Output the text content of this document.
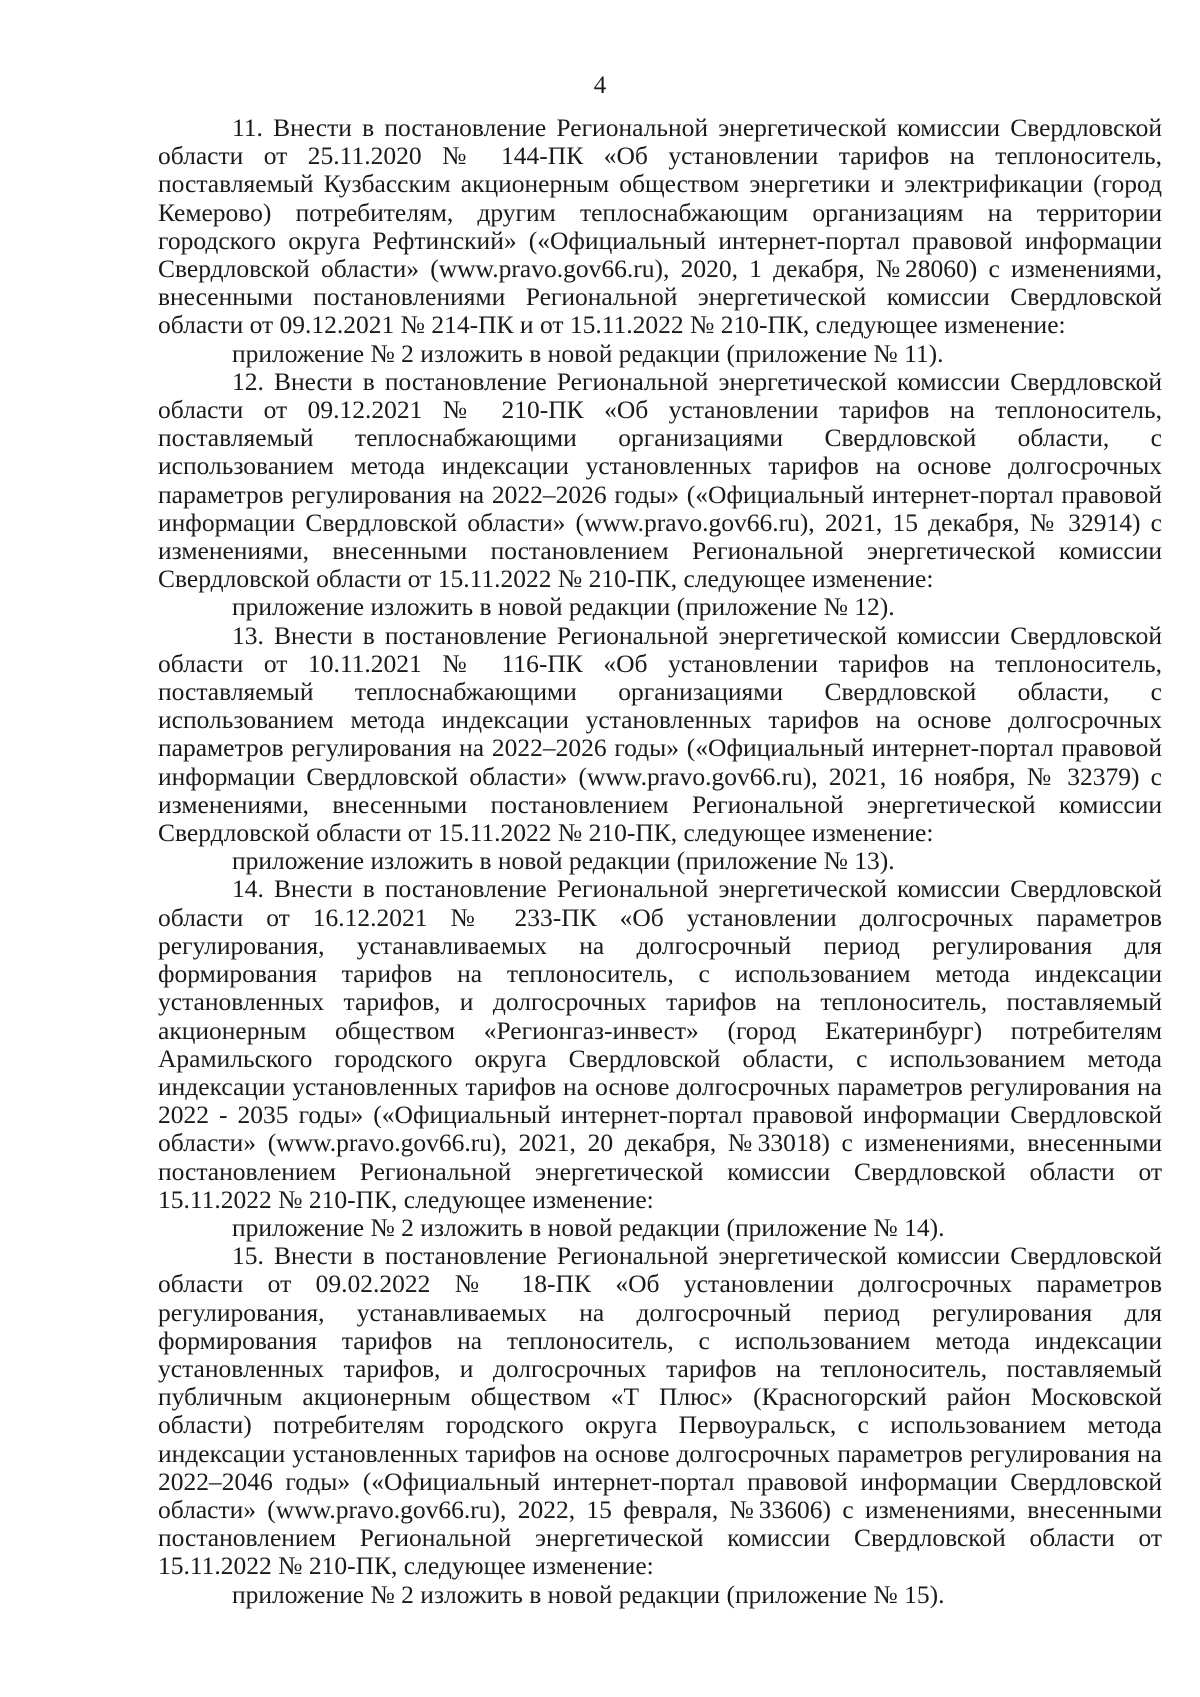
4

11. Внести в постановление Региональной энергетической комиссии Свердловской области от 25.11.2020 № 144-ПК «Об установлении тарифов на теплоноситель, поставляемый Кузбасским акционерным обществом энергетики и электрификации (город Кемерово) потребителям, другим теплоснабжающим организациям на территории городского округа Рефтинский» («Официальный интернет-портал правовой информации Свердловской области» (www.pravo.gov66.ru), 2020, 1 декабря, №28060) с изменениями, внесенными постановлениями Региональной энергетической комиссии Свердловской области от 09.12.2021 № 214-ПК и от 15.11.2022 № 210-ПК, следующее изменение:

приложение № 2 изложить в новой редакции (приложение № 11).

12. Внести в постановление Региональной энергетической комиссии Свердловской области от 09.12.2021 № 210-ПК «Об установлении тарифов на теплоноситель, поставляемый теплоснабжающими организациями Свердловской области, с использованием метода индексации установленных тарифов на основе долгосрочных параметров регулирования на 2022–2026 годы» («Официальный интернет-портал правовой информации Свердловской области» (www.pravo.gov66.ru), 2021, 15 декабря, № 32914) с изменениями, внесенными постановлением Региональной энергетической комиссии Свердловской области от 15.11.2022 № 210-ПК, следующее изменение:

приложение изложить в новой редакции (приложение № 12).

13. Внести в постановление Региональной энергетической комиссии Свердловской области от 10.11.2021 № 116-ПК «Об установлении тарифов на теплоноситель, поставляемый теплоснабжающими организациями Свердловской области, с использованием метода индексации установленных тарифов на основе долгосрочных параметров регулирования на 2022–2026 годы» («Официальный интернет-портал правовой информации Свердловской области» (www.pravo.gov66.ru), 2021, 16 ноября, № 32379) с изменениями, внесенными постановлением Региональной энергетической комиссии Свердловской области от 15.11.2022 № 210-ПК, следующее изменение:

приложение изложить в новой редакции (приложение № 13).

14. Внести в постановление Региональной энергетической комиссии Свердловской области от 16.12.2021 № 233-ПК «Об установлении долгосрочных параметров регулирования, устанавливаемых на долгосрочный период регулирования для формирования тарифов на теплоноситель, с использованием метода индексации установленных тарифов, и долгосрочных тарифов на теплоноситель, поставляемый акционерным обществом «Регионгаз-инвест» (город Екатеринбург) потребителям Арамильского городского округа Свердловской области, с использованием метода индексации установленных тарифов на основе долгосрочных параметров регулирования на 2022 - 2035 годы» («Официальный интернет-портал правовой информации Свердловской области» (www.pravo.gov66.ru), 2021, 20 декабря, №33018) с изменениями, внесенными постановлением Региональной энергетической комиссии Свердловской области от 15.11.2022 № 210-ПК, следующее изменение:

приложение № 2 изложить в новой редакции (приложение № 14).

15. Внести в постановление Региональной энергетической комиссии Свердловской области от 09.02.2022 № 18-ПК «Об установлении долгосрочных параметров регулирования, устанавливаемых на долгосрочный период регулирования для формирования тарифов на теплоноситель, с использованием метода индексации установленных тарифов, и долгосрочных тарифов на теплоноситель, поставляемый публичным акционерным обществом «Т Плюс» (Красногорский район Московской области) потребителям городского округа Первоуральск, с использованием метода индексации установленных тарифов на основе долгосрочных параметров регулирования на 2022–2046 годы» («Официальный интернет-портал правовой информации Свердловской области» (www.pravo.gov66.ru), 2022, 15 февраля, №33606) с изменениями, внесенными постановлением Региональной энергетической комиссии Свердловской области от 15.11.2022 № 210-ПК, следующее изменение:

приложение № 2 изложить в новой редакции (приложение № 15).
